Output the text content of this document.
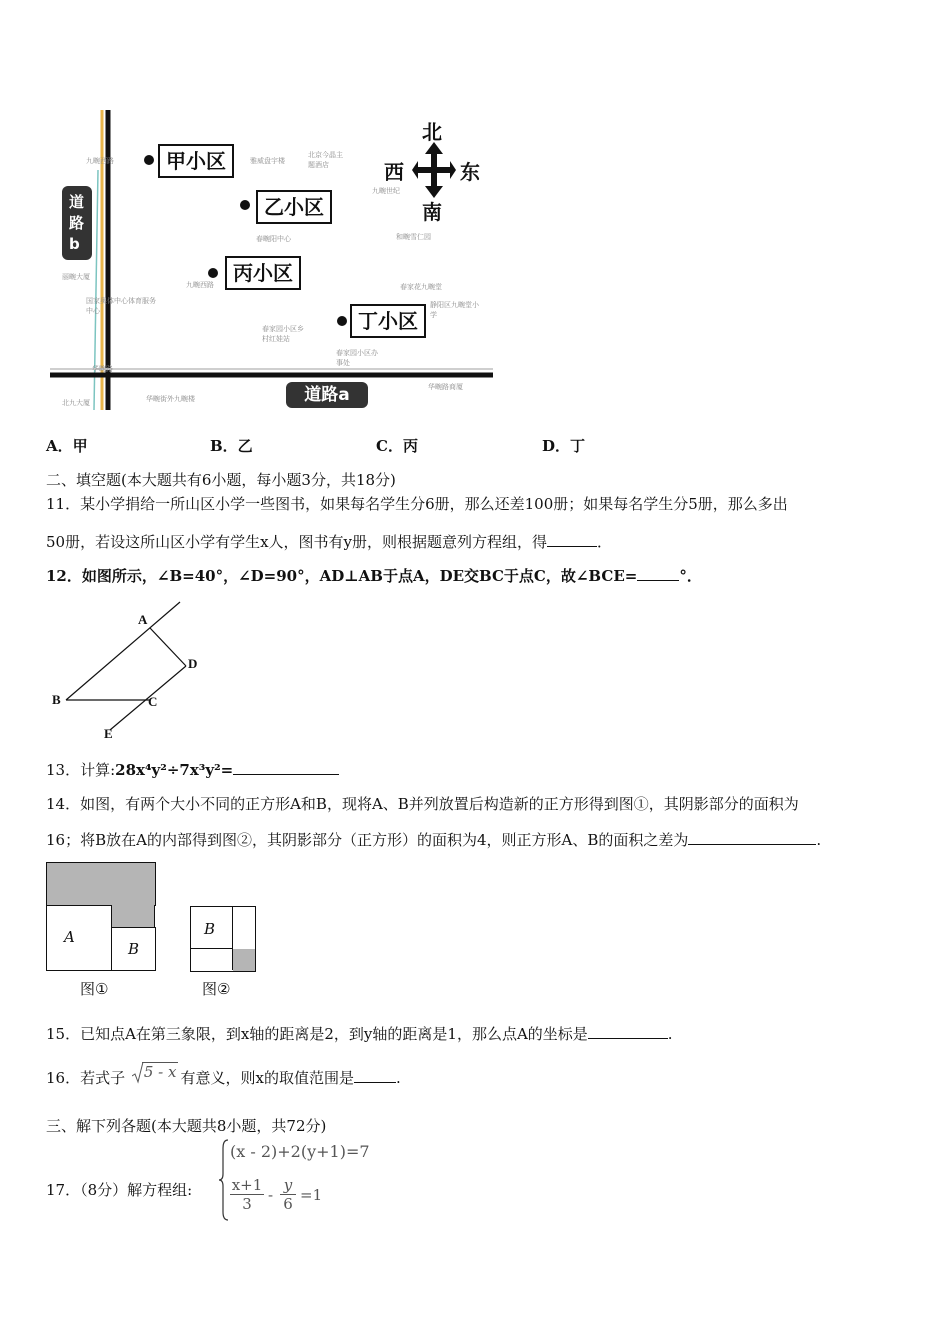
北
南
西	东
道路b
道路a
甲小区
乙小区
丙小区
丁小区
九畹西路	雅威盘宇楼
北京今晶主题酒店
九畹世纪
春畹阳中心	和畹雪仁园
九畹西路	春家花九畹堂
静阳区九畹堂小学
国家奥体中心体育服务中心
春家园小区乡村红娃站
春家园小区办事处
华畹路
华畹街外九畹楼
华畹路商厦
北九大厦
丽畹大厦
A．甲	B．乙	C．丙	D．丁
二、填空题(本大题共有6小题，每小题3分，共18分)
11．某小学捐给一所山区小学一些图书，如果每名学生分6册，那么还差100册；如果每名学生分5册，那么多出
50册，若设这所山区小学有学生x人，图书有y册，则根据题意列方程组，得	．
12．如图所示，∠B=40°，∠D=90°，AD⊥AB于点A，DE交BC于点C，故∠BCE=	°．
A
D
B	C
E
13．计算:28x⁴y²÷7x³y²=
14．如图，有两个大小不同的正方形A和B，现将A、B并列放置后构造新的正方形得到图①，其阴影部分的面积为
16；将B放在A的内部得到图②，其阴影部分（正方形）的面积为4，则正方形A、B的面积之差为	.
A
B
图①
B
图②
15．已知点A在第三象限，到x轴的距离是2，到y轴的距离是1，那么点A的坐标是	.
16．若式子 5 - x 有意义，则x的取值范围是	.
三、解下列各题(本大题共8小题，共72分)
17．（8分）解方程组:
(x - 2)+2(y+1)=7
$\frac{x+1}{3} - \frac{y}{6} =1$
